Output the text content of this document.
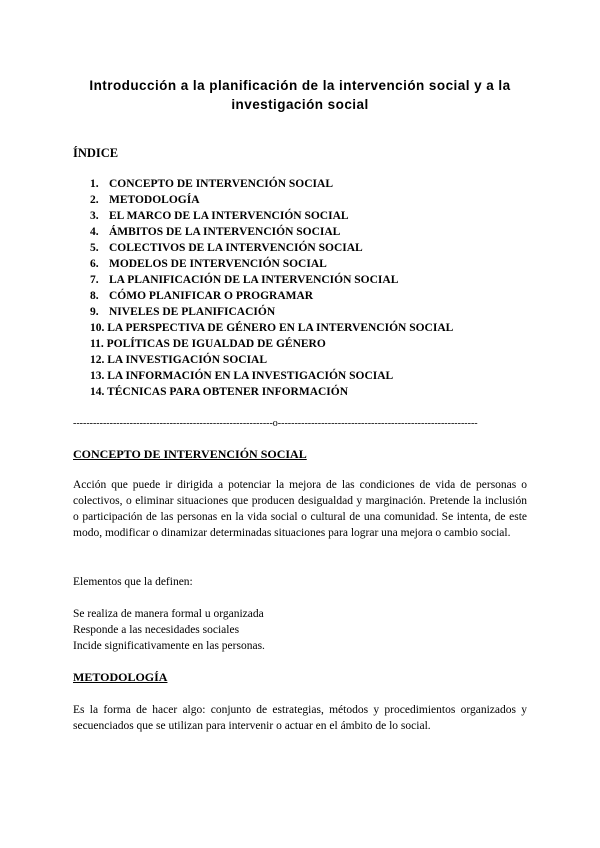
Introducción a la planificación de la intervención social y a la investigación social
ÍNDICE
1. CONCEPTO DE INTERVENCIÓN SOCIAL
2. METODOLOGÍA
3. EL MARCO DE LA INTERVENCIÓN SOCIAL
4. ÁMBITOS DE LA INTERVENCIÓN SOCIAL
5. COLECTIVOS DE LA INTERVENCIÓN SOCIAL
6. MODELOS DE INTERVENCIÓN SOCIAL
7. LA PLANIFICACIÓN DE LA INTERVENCIÓN SOCIAL
8. CÓMO PLANIFICAR O PROGRAMAR
9. NIVELES DE PLANIFICACIÓN
10. LA PERSPECTIVA DE GÉNERO EN LA INTERVENCIÓN SOCIAL
11. POLÍTICAS DE IGUALDAD DE GÉNERO
12. LA INVESTIGACIÓN SOCIAL
13. LA INFORMACIÓN EN LA INVESTIGACIÓN SOCIAL
14. TÉCNICAS PARA OBTENER INFORMACIÓN
------------------------------------------------------------o------------------------------------------------------------
CONCEPTO DE INTERVENCIÓN SOCIAL

Acción que puede ir dirigida a potenciar la mejora de las condiciones de vida de personas o colectivos, o eliminar situaciones que producen desigualdad y marginación. Pretende la inclusión o participación de las personas en la vida social o cultural de una comunidad. Se intenta, de este modo, modificar o dinamizar determinadas situaciones para lograr una mejora o cambio social.

Elementos que la definen:

Se realiza de manera formal u organizada

Responde a las necesidades sociales

Incide significativamente en las personas.

METODOLOGÍA

Es la forma de hacer algo: conjunto de estrategias, métodos y procedimientos organizados y secuenciados que se utilizan para intervenir o actuar en el ámbito de lo social.
